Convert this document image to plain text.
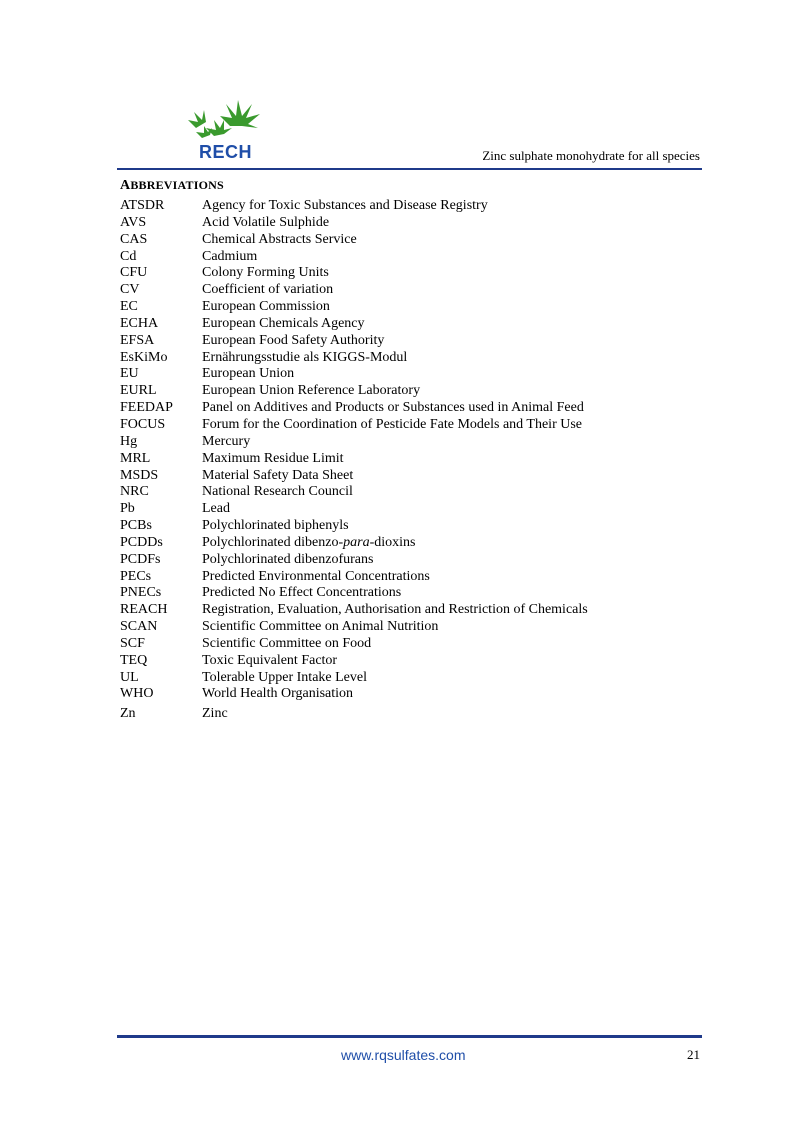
RECH	Zinc sulphate monohydrate for all species
ABBREVIATIONS
ATSDR	Agency for Toxic Substances and Disease Registry
AVS	Acid Volatile Sulphide
CAS	Chemical Abstracts Service
Cd	Cadmium
CFU	Colony Forming Units
CV	Coefficient of variation
EC	European Commission
ECHA	European Chemicals Agency
EFSA	European Food Safety Authority
EsKiMo	Ernährungsstudie als KIGGS-Modul
EU	European Union
EURL	European Union Reference Laboratory
FEEDAP	Panel on Additives and Products or Substances used in Animal Feed
FOCUS	Forum for the Coordination of Pesticide Fate Models and Their Use
Hg	Mercury
MRL	Maximum Residue Limit
MSDS	Material Safety Data Sheet
NRC	National Research Council
Pb	Lead
PCBs	Polychlorinated biphenyls
PCDDs	Polychlorinated dibenzo-para-dioxins
PCDFs	Polychlorinated dibenzofurans
PECs	Predicted Environmental Concentrations
PNECs	Predicted No Effect Concentrations
REACH	Registration, Evaluation, Authorisation and Restriction of Chemicals
SCAN	Scientific Committee on Animal Nutrition
SCF	Scientific Committee on Food
TEQ	Toxic Equivalent Factor
UL	Tolerable Upper Intake Level
WHO	World Health Organisation
Zn	Zinc
www.rqsulfates.com	21
